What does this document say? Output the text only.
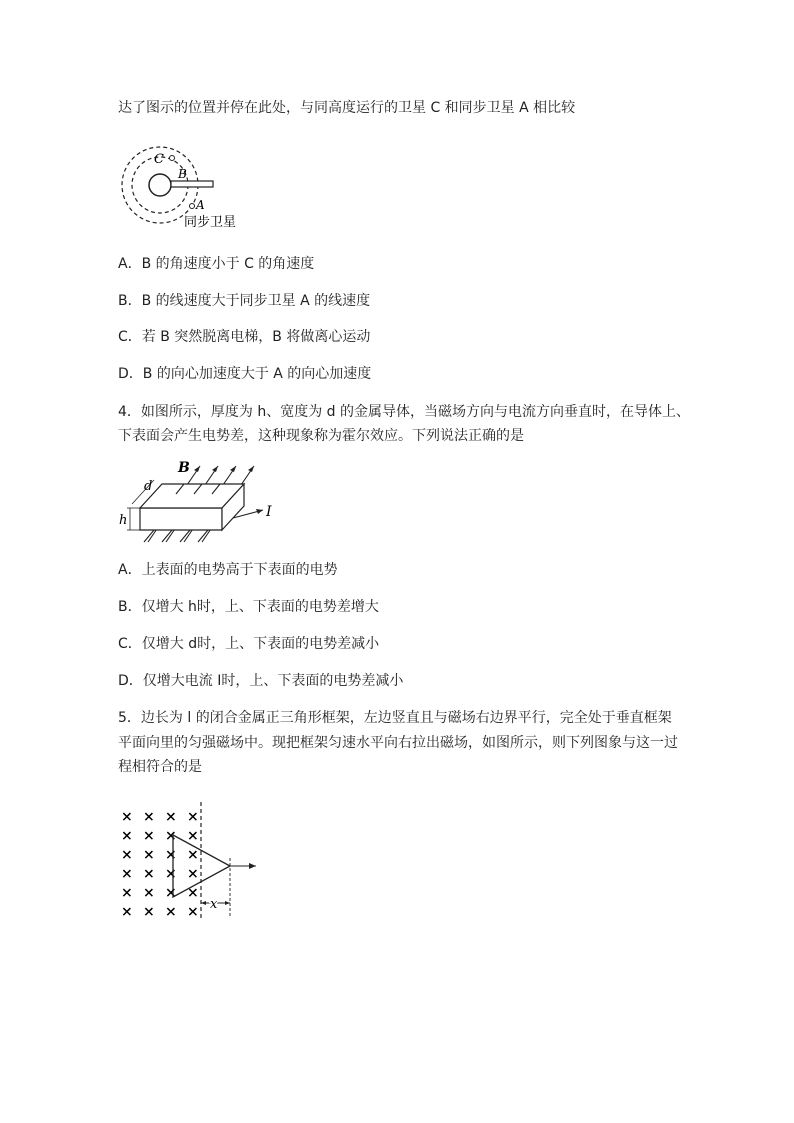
达了图示的位置并停在此处，与同高度运行的卫星 C 和同步卫星 A 相比较
C
B
A
同步卫星
A．B 的角速度小于 C 的角速度
B．B 的线速度大于同步卫星 A 的线速度
C．若 B 突然脱离电梯，B 将做离心运动
D．B 的向心加速度大于 A 的向心加速度
4．如图所示，厚度为 h、宽度为 d 的金属导体，当磁场方向与电流方向垂直时，在导体上、
下表面会产生电势差，这种现象称为霍尔效应。下列说法正确的是
B
d
h
I
A．上表面的电势高于下表面的电势
B．仅增大 h时，上、下表面的电势差增大
C．仅增大 d时，上、下表面的电势差减小
D．仅增大电流 I时，上、下表面的电势差减小
5．边长为 l 的闭合金属正三角形框架，左边竖直且与磁场右边界平行，完全处于垂直框架
平面向里的匀强磁场中。现把框架匀速水平向右拉出磁场，如图所示，则下列图象与这一过
程相符合的是
× × × ×
× × × ×
× × × ×
× × × ×
× × × ×
× × × × x
